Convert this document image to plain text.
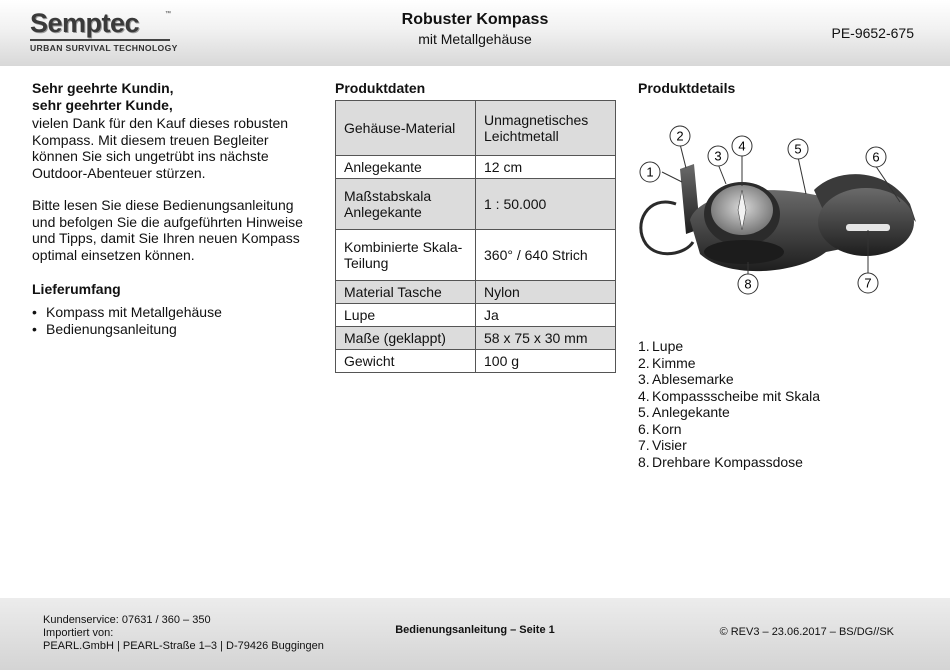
Semptec	™
URBAN SURVIVAL TECHNOLOGY
Robuster Kompass
mit Metallgehäuse	PE-9652-675

Sehr geehrte Kundin,

sehr geehrter Kunde,

vielen Dank für den Kauf dieses robusten Kompass. Mit diesem treuen Begleiter können Sie sich ungetrübt ins nächste Outdoor-Abenteuer stürzen.

Bitte lesen Sie diese Bedienungsanleitung und befolgen Sie die aufgeführten Hinweise und Tipps, damit Sie Ihren neuen Kompass optimal einsetzen können.

Lieferumfang

• Kompass mit Metallgehäuse
• Bedienungsanleitung

Produktdaten

Gehäuse-Material	Unmagnetisches Leichtmetall
Anlegekante	12 cm
Maßstabskala Anlegekante	1 : 50.000
Kombinierte Skala-Teilung	360° / 640 Strich
Material Tasche	Nylon
Lupe	Ja
Maße (geklappt)	58 x 75 x 30 mm
Gewicht	100 g

Produktdetails

1
2
3
4	5
6
7
8
1. Lupe
2. Kimme
3. Ablesemarke
4. Kompassscheibe mit Skala
5. Anlegekante
6. Korn
7. Visier
8. Drehbare Kompassdose
Kundenservice: 07631 / 360 – 350
Importiert von:
PEARL.GmbH | PEARL-Straße 1–3 | D-79426 Buggingen
Bedienungsanleitung – Seite 1	© REV3 – 23.06.2017 – BS/DG//SK
